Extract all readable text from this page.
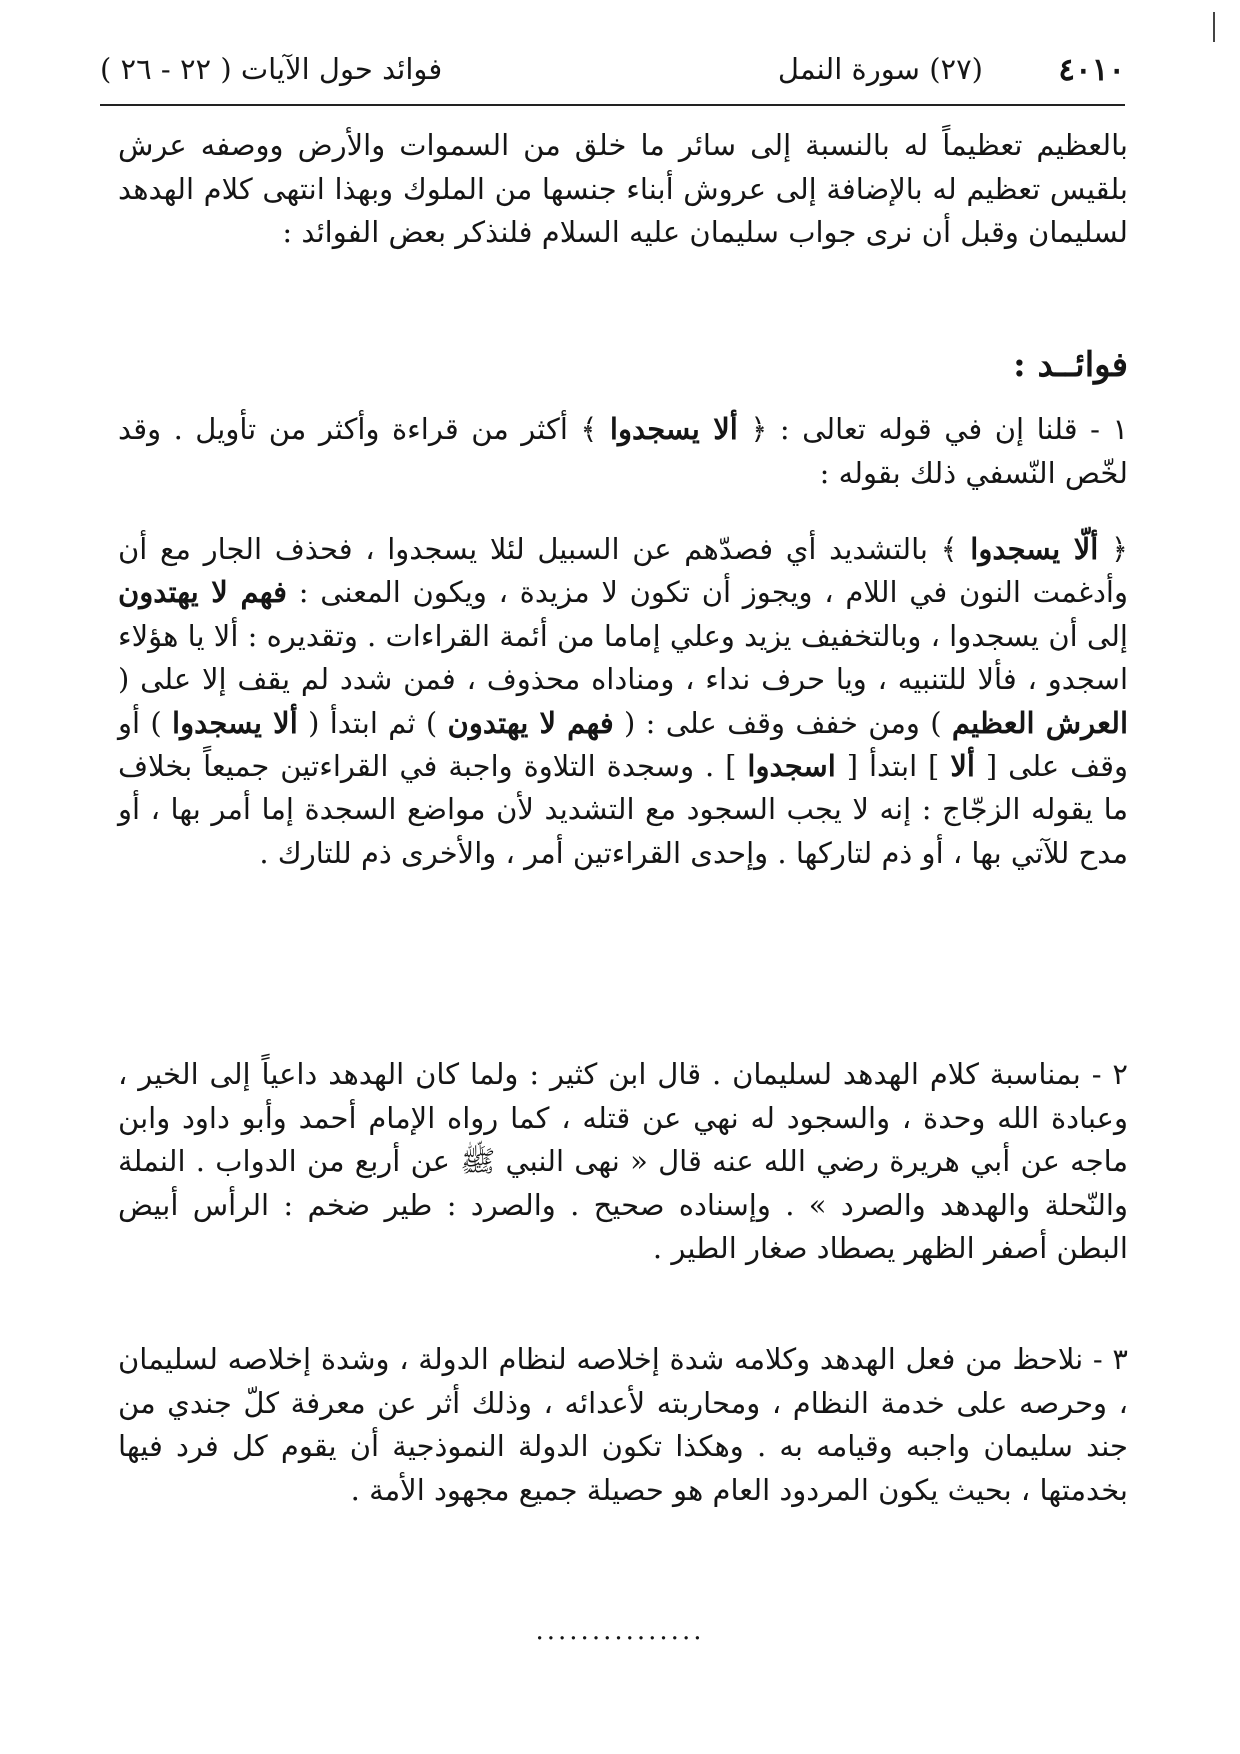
٤٠١٠
(٢٧) سورة النمل
فوائد حول الآيات ( ٢٢ - ٢٦ )

بالعظيم تعظيماً له بالنسبة إلى سائر ما خلق من السموات والأرض ووصفه عرش بلقيس تعظيم له بالإضافة إلى عروش أبناء جنسها من الملوك وبهذا انتهى كلام الهدهد لسليمان وقبل أن نرى جواب سليمان عليه السلام فلنذكر بعض الفوائد :

فوائــد :

١ - قلنا إن في قوله تعالى : ﴿ ألا يسجدوا ﴾ أكثر من قراءة وأكثر من تأويل . وقد لخّص النّسفي ذلك بقوله :

﴿ ألّا يسجدوا ﴾ بالتشديد أي فصدّهم عن السبيل لئلا يسجدوا ، فحذف الجار مع أن وأدغمت النون في اللام ، ويجوز أن تكون لا مزيدة ، ويكون المعنى : فهم لا يهتدون إلى أن يسجدوا ، وبالتخفيف يزيد وعلي إماما من أئمة القراءات . وتقديره : ألا يا هؤلاء اسجدو ، فألا للتنبيه ، ويا حرف نداء ، ومناداه محذوف ، فمن شدد لم يقف إلا على ( العرش العظيم ) ومن خفف وقف على : ( فهم لا يهتدون ) ثم ابتدأ ( ألا يسجدوا ) أو وقف على [ ألا ] ابتدأ [ اسجدوا ] . وسجدة التلاوة واجبة في القراءتين جميعاً بخلاف ما يقوله الزجّاج : إنه لا يجب السجود مع التشديد لأن مواضع السجدة إما أمر بها ، أو مدح للآتي بها ، أو ذم لتاركها . وإحدى القراءتين أمر ، والأخرى ذم للتارك .

٢ - بمناسبة كلام الهدهد لسليمان . قال ابن كثير : ولما كان الهدهد داعياً إلى الخير ، وعبادة الله وحدة ، والسجود له نهي عن قتله ، كما رواه الإمام أحمد وأبو داود وابن ماجه عن أبي هريرة رضي الله عنه قال « نهى النبي ﷺ عن أربع من الدواب . النملة والنّحلة والهدهد والصرد » . وإسناده صحيح . والصرد : طير ضخم : الرأس أبيض البطن أصفر الظهر يصطاد صغار الطير .

٣ - نلاحظ من فعل الهدهد وكلامه شدة إخلاصه لنظام الدولة ، وشدة إخلاصه لسليمان ، وحرصه على خدمة النظام ، ومحاربته لأعدائه ، وذلك أثر عن معرفة كلّ جندي من جند سليمان واجبه وقيامه به . وهكذا تكون الدولة النموذجية أن يقوم كل فرد فيها بخدمتها ، بحيث يكون المردود العام هو حصيلة جميع مجهود الأمة .

...............
